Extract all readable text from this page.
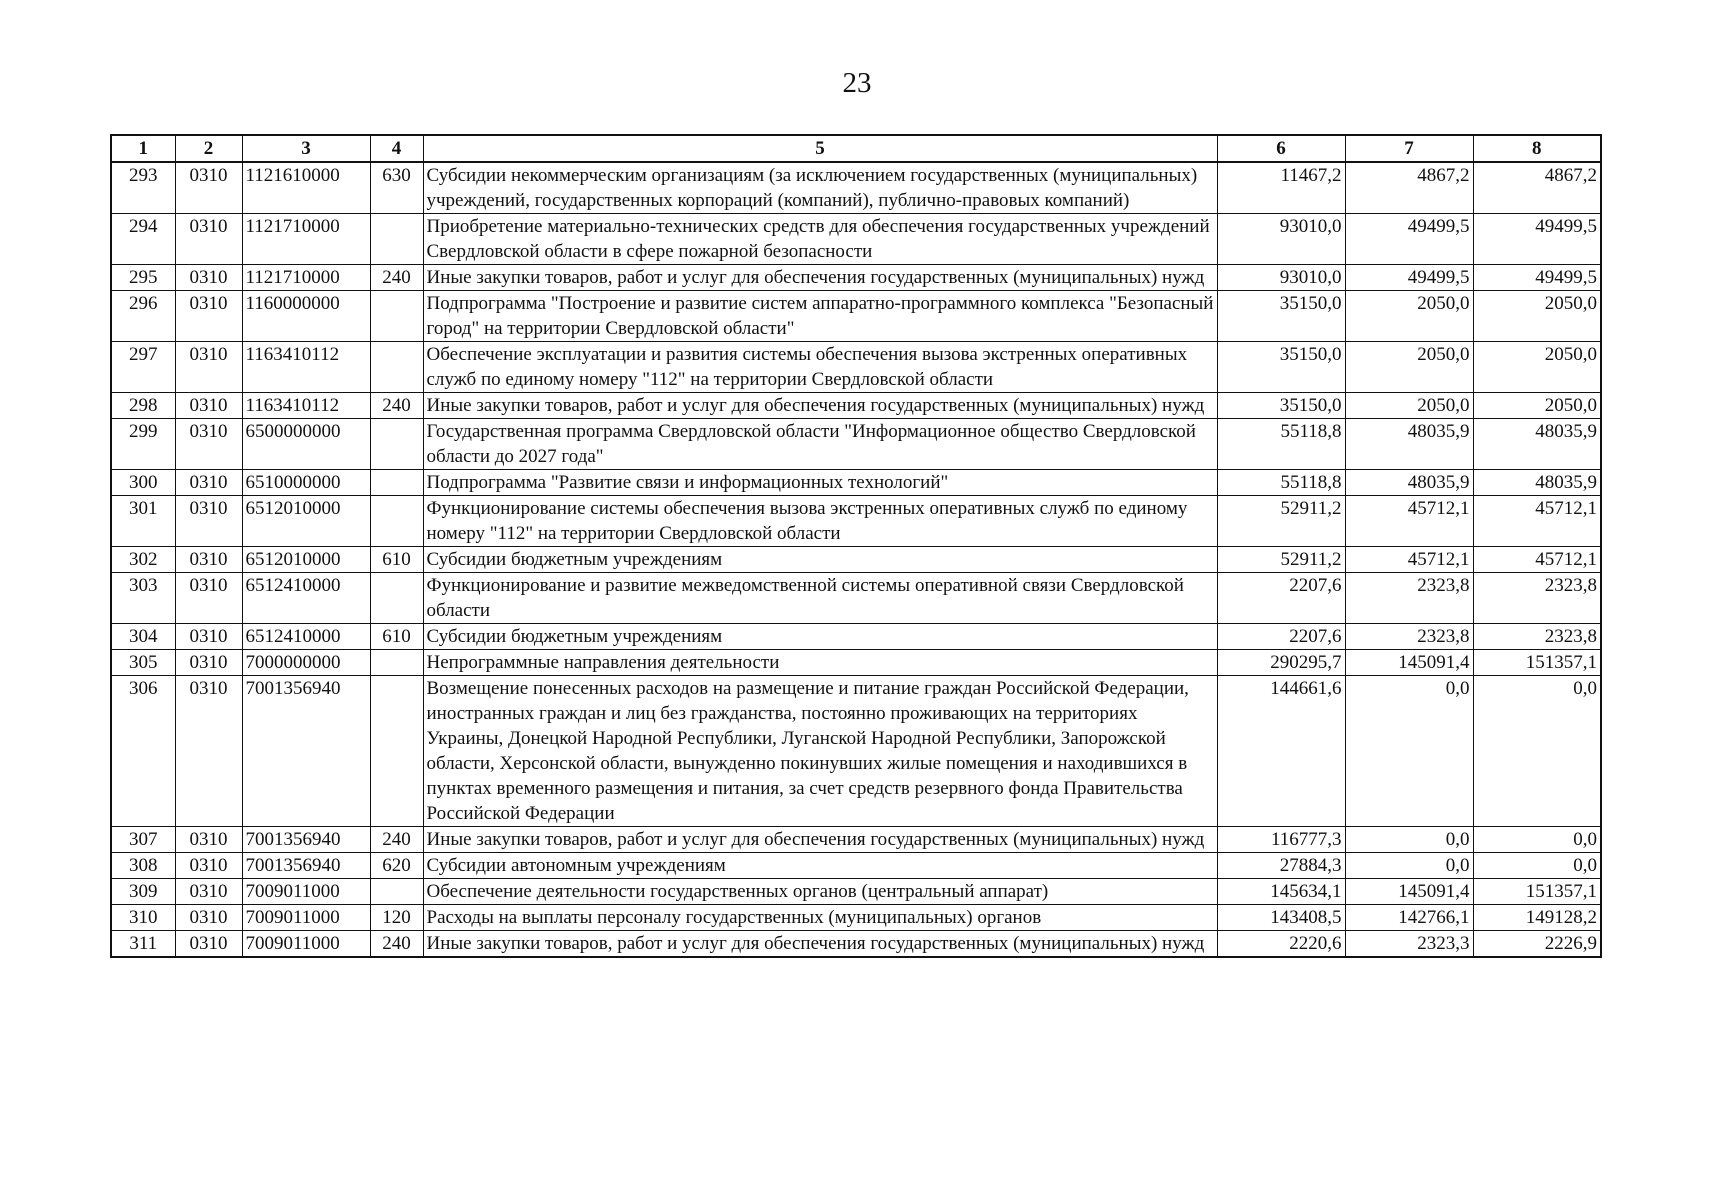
23
1	2	3	4	5	6	7	8
293	0310	1121610000	630	Субсидии некоммерческим организациям (за исключением государственных (муниципальных) учреждений, государственных корпораций (компаний), публично-правовых компаний)	11467,2	4867,2	4867,2
294	0310	1121710000		Приобретение материально-технических средств для обеспечения государственных учреждений Свердловской области в сфере пожарной безопасности	93010,0	49499,5	49499,5
295	0310	1121710000	240	Иные закупки товаров, работ и услуг для обеспечения государственных (муниципальных) нужд	93010,0	49499,5	49499,5
296	0310	1160000000		Подпрограмма "Построение и развитие систем аппаратно-программного комплекса "Безопасный город" на территории Свердловской области"	35150,0	2050,0	2050,0
297	0310	1163410112		Обеспечение эксплуатации и развития системы обеспечения вызова экстренных оперативных служб по единому номеру "112" на территории Свердловской области	35150,0	2050,0	2050,0
298	0310	1163410112	240	Иные закупки товаров, работ и услуг для обеспечения государственных (муниципальных) нужд	35150,0	2050,0	2050,0
299	0310	6500000000		Государственная программа Свердловской области "Информационное общество Свердловской области до 2027 года"	55118,8	48035,9	48035,9
300	0310	6510000000		Подпрограмма "Развитие связи и информационных технологий"	55118,8	48035,9	48035,9
301	0310	6512010000		Функционирование системы обеспечения вызова экстренных оперативных служб по единому номеру "112" на территории Свердловской области	52911,2	45712,1	45712,1
302	0310	6512010000	610	Субсидии бюджетным учреждениям	52911,2	45712,1	45712,1
303	0310	6512410000		Функционирование и развитие межведомственной системы оперативной связи Свердловской области	2207,6	2323,8	2323,8
304	0310	6512410000	610	Субсидии бюджетным учреждениям	2207,6	2323,8	2323,8
305	0310	7000000000		Непрограммные направления деятельности	290295,7	145091,4	151357,1
306	0310	7001356940		Возмещение понесенных расходов на размещение и питание граждан Российской Федерации, иностранных граждан и лиц без гражданства, постоянно проживающих на территориях Украины, Донецкой Народной Республики, Луганской Народной Республики, Запорожской области, Херсонской области, вынужденно покинувших жилые помещения и находившихся в пунктах временного размещения и питания, за счет средств резервного фонда Правительства Российской Федерации	144661,6	0,0	0,0
307	0310	7001356940	240	Иные закупки товаров, работ и услуг для обеспечения государственных (муниципальных) нужд	116777,3	0,0	0,0
308	0310	7001356940	620	Субсидии автономным учреждениям	27884,3	0,0	0,0
309	0310	7009011000		Обеспечение деятельности государственных органов (центральный аппарат)	145634,1	145091,4	151357,1
310	0310	7009011000	120	Расходы на выплаты персоналу государственных (муниципальных) органов	143408,5	142766,1	149128,2
311	0310	7009011000	240	Иные закупки товаров, работ и услуг для обеспечения государственных (муниципальных) нужд	2220,6	2323,3	2226,9
